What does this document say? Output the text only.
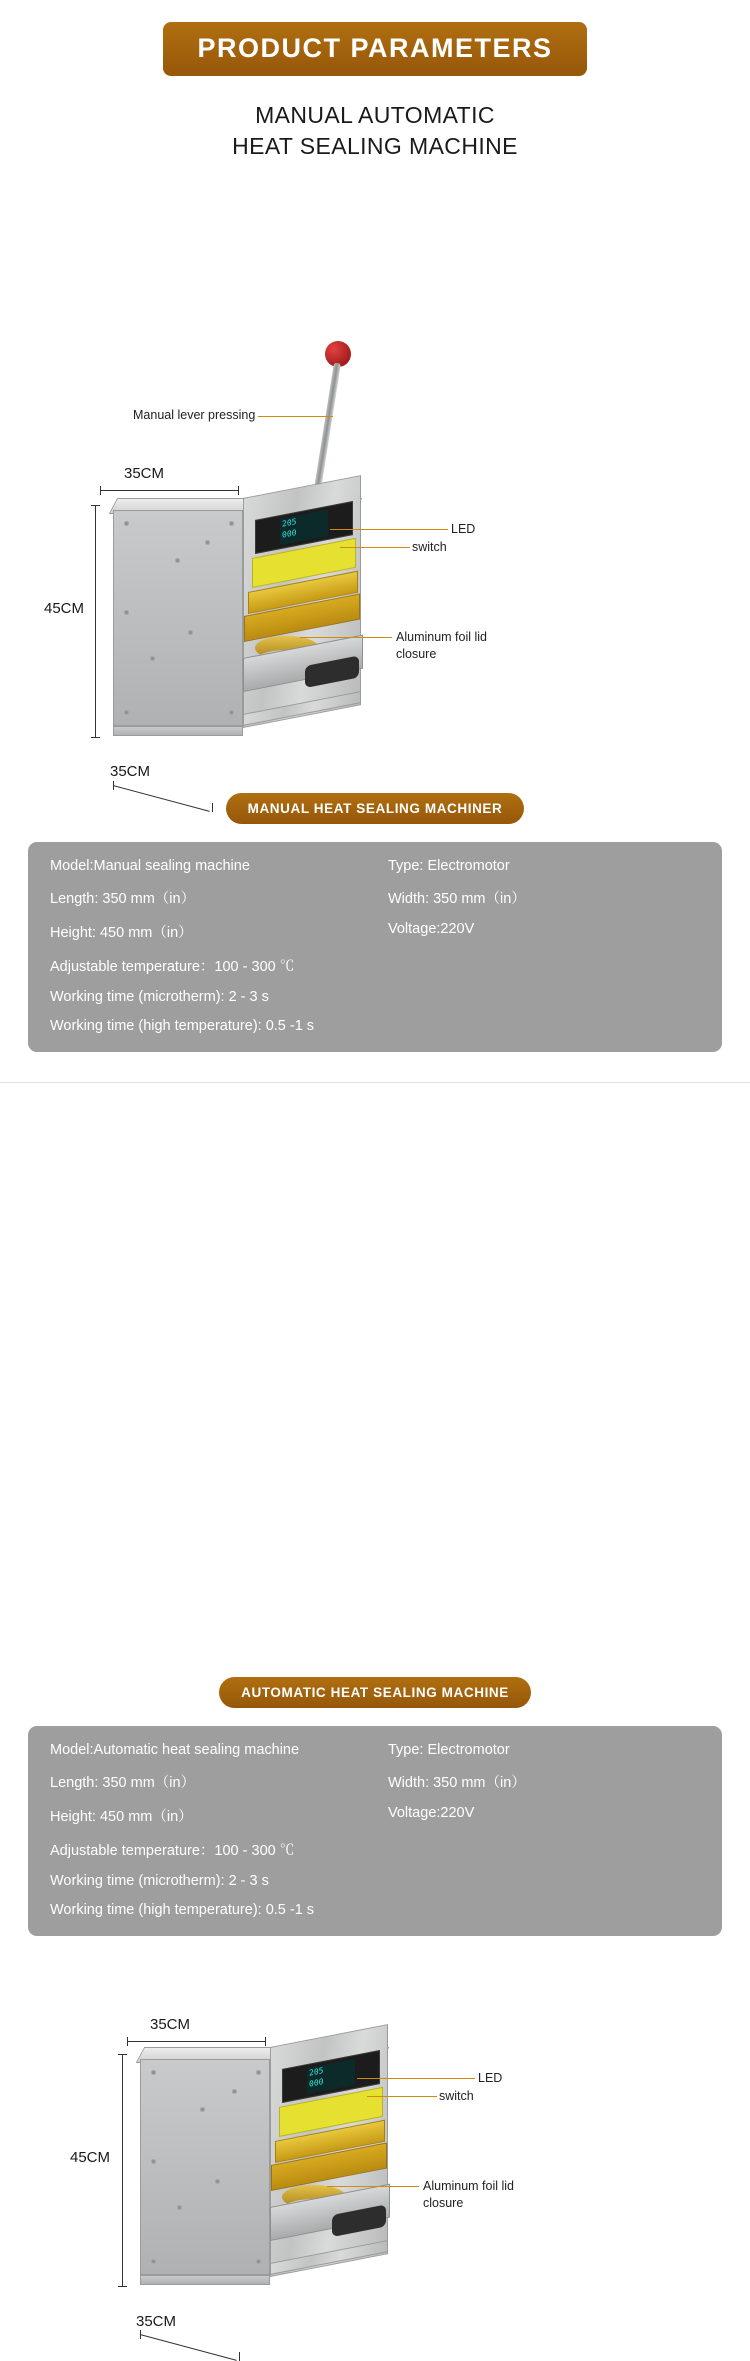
PRODUCT PARAMETERS
MANUAL AUTOMATIC
HEAT SEALING MACHINE
Manual lever pressing
35CM
45CM
35CM
205
000	LED
switch
Aluminum foil lid
closure
MANUAL HEAT SEALING MACHINER
Model:Manual sealing machine	Type: Electromotor
Length: 350 mm（in）	Width: 350 mm（in）
Height: 450 mm（in）	Voltage:220V
Adjustable temperature：100 - 300 ℃
Working time (microtherm): 2 - 3 s
Working time (high temperature): 0.5 -1 s
35CM
45CM
35CM
205
000	LED
switch
Aluminum foil lid
closure
AUTOMATIC HEAT SEALING MACHINE
Model:Automatic heat sealing machine	Type: Electromotor
Length: 350 mm（in）	Width: 350 mm（in）
Height: 450 mm（in）	Voltage:220V
Adjustable temperature：100 - 300 ℃
Working time (microtherm): 2 - 3 s
Working time (high temperature): 0.5 -1 s
